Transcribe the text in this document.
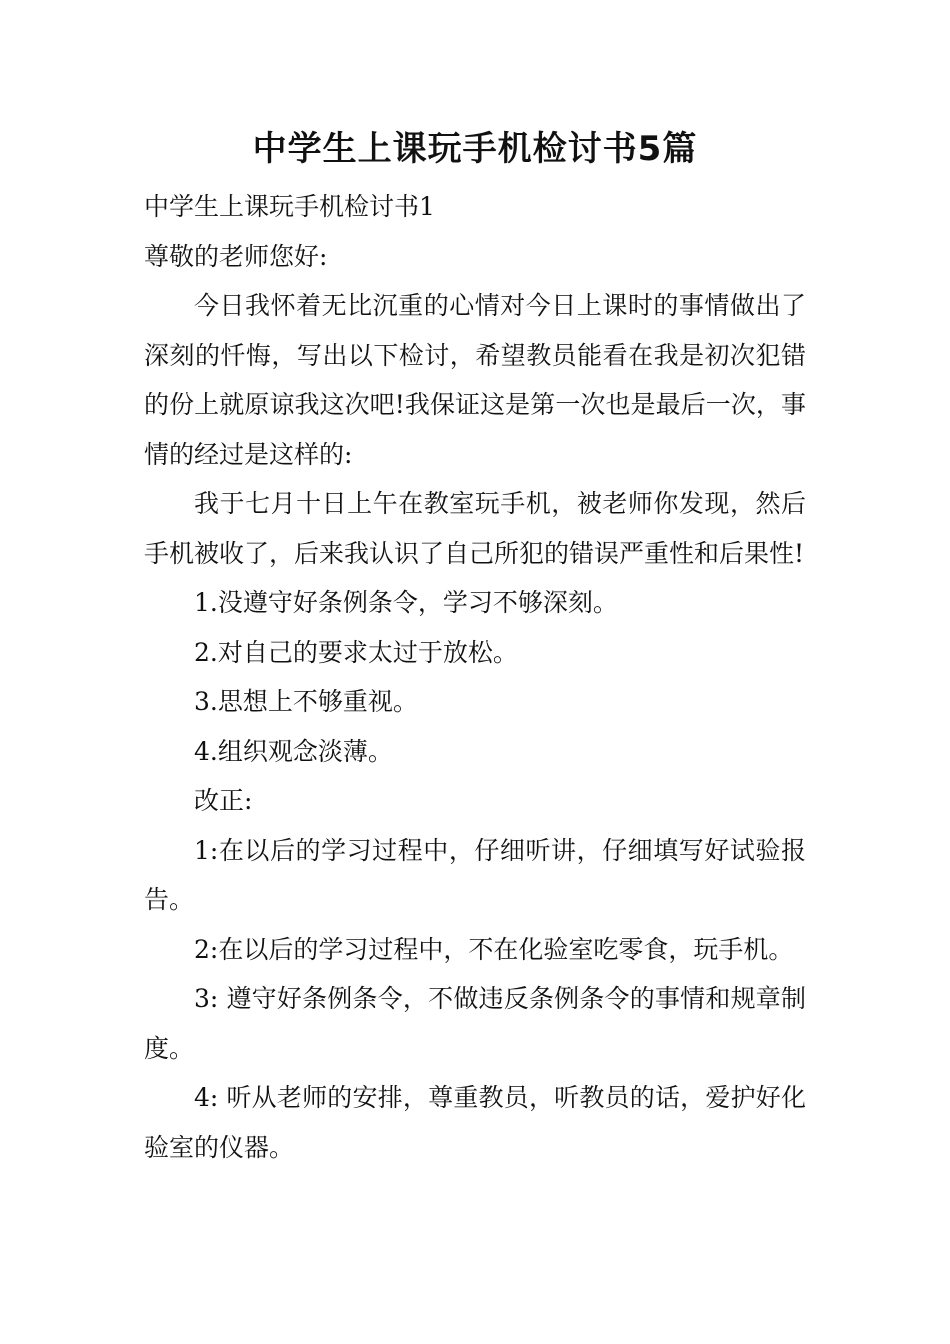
中学生上课玩手机检讨书5篇

中学生上课玩手机检讨书1

尊敬的老师您好:

今日我怀着无比沉重的心情对今日上课时的事情做出了深刻的忏悔，写出以下检讨，希望教员能看在我是初次犯错的份上就原谅我这次吧!我保证这是第一次也是最后一次，事情的经过是这样的:

我于七月十日上午在教室玩手机，被老师你发现，然后手机被收了，后来我认识了自己所犯的错误严重性和后果性!

1.没遵守好条例条令，学习不够深刻。

2.对自己的要求太过于放松。

3.思想上不够重视。

4.组织观念淡薄。

改正:

1:在以后的学习过程中，仔细听讲，仔细填写好试验报告。

2:在以后的学习过程中，不在化验室吃零食，玩手机。

3: 遵守好条例条令，不做违反条例条令的事情和规章制度。

4: 听从老师的安排，尊重教员，听教员的话，爱护好化验室的仪器。
